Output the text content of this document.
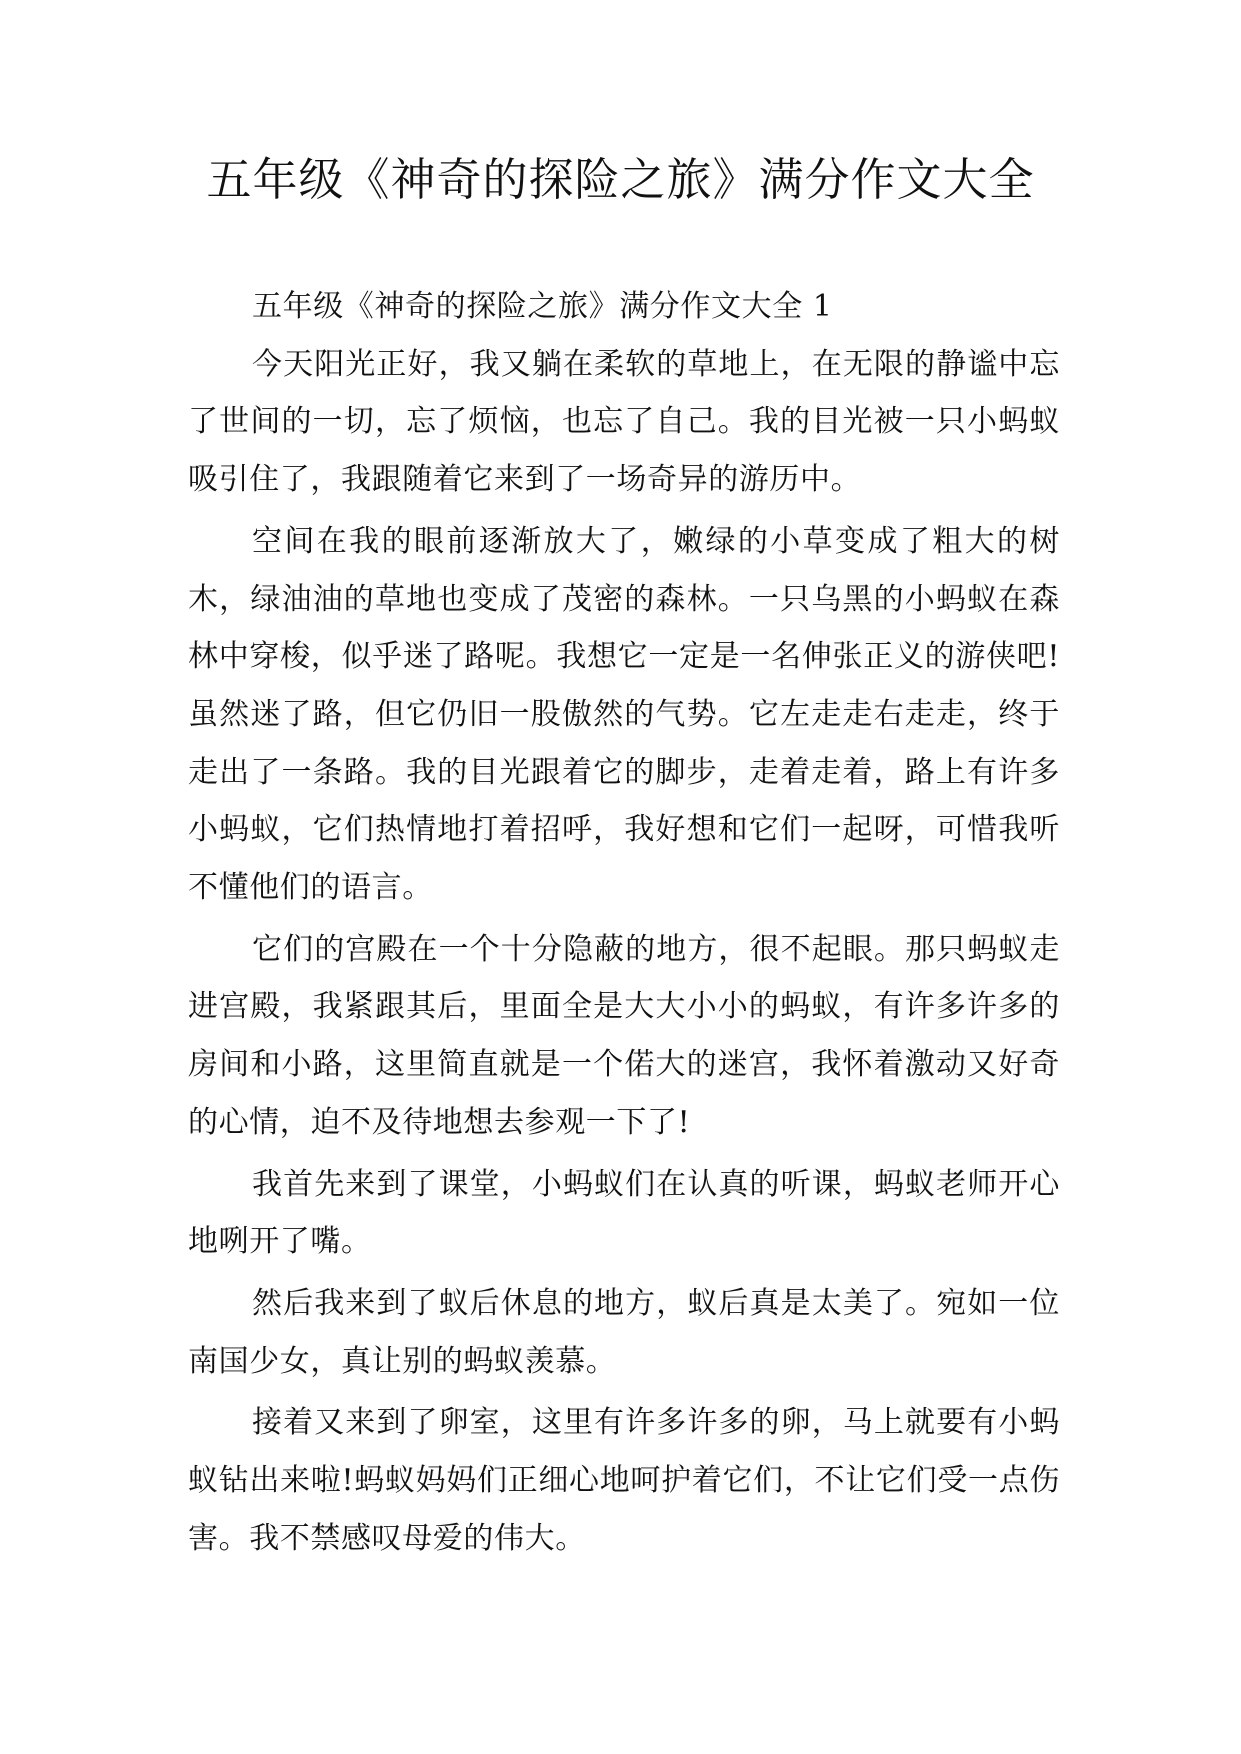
五年级《神奇的探险之旅》满分作文大全

五年级《神奇的探险之旅》满分作文大全 1

今天阳光正好，我又躺在柔软的草地上，在无限的静谧中忘了世间的一切，忘了烦恼，也忘了自己。我的目光被一只小蚂蚁吸引住了，我跟随着它来到了一场奇异的游历中。

空间在我的眼前逐渐放大了，嫩绿的小草变成了粗大的树木，绿油油的草地也变成了茂密的森林。一只乌黑的小蚂蚁在森林中穿梭，似乎迷了路呢。我想它一定是一名伸张正义的游侠吧!虽然迷了路，但它仍旧一股傲然的气势。它左走走右走走，终于走出了一条路。我的目光跟着它的脚步，走着走着，路上有许多小蚂蚁，它们热情地打着招呼，我好想和它们一起呀，可惜我听不懂他们的语言。

它们的宫殿在一个十分隐蔽的地方，很不起眼。那只蚂蚁走进宫殿，我紧跟其后，里面全是大大小小的蚂蚁，有许多许多的房间和小路，这里简直就是一个偌大的迷宫，我怀着激动又好奇的心情，迫不及待地想去参观一下了!

我首先来到了课堂，小蚂蚁们在认真的听课，蚂蚁老师开心地咧开了嘴。

然后我来到了蚁后休息的地方，蚁后真是太美了。宛如一位南国少女，真让别的蚂蚁羡慕。

接着又来到了卵室，这里有许多许多的卵，马上就要有小蚂蚁钻出来啦!蚂蚁妈妈们正细心地呵护着它们，不让它们受一点伤害。我不禁感叹母爱的伟大。
